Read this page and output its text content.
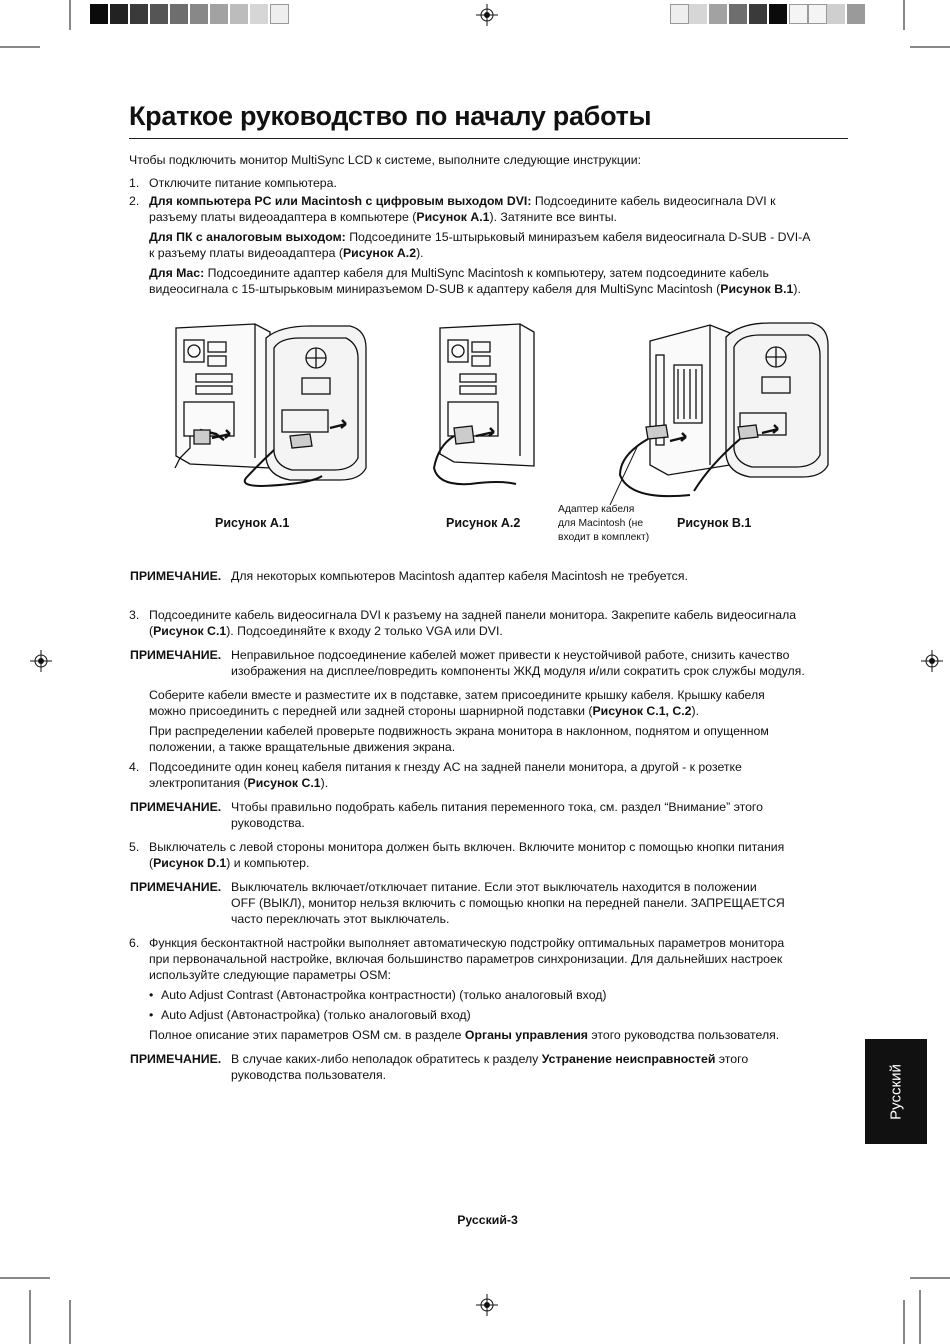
Краткое руководство по началу работы
Чтобы подключить монитор MultiSync LCD к системе, выполните следующие инструкции:
1. Отключите питание компьютера.
2. Для компьютера PC или Macintosh с цифровым выходом DVI: Подсоедините кабель видеосигнала DVI к
разъему платы видеоадаптера в компьютере (Рисунок A.1). Затяните все винты.
Для ПК с аналоговым выходом: Подсоедините 15-штырьковый миниразъем кабеля видеосигнала D-SUB - DVI-A
к разъему платы видеоадаптера (Рисунок A.2).
Для Mac: Подсоедините адаптер кабеля для MultiSync Macintosh к компьютеру, затем подсоедините кабель
видеосигнала с 15-штырьковым миниразъемом D-SUB к адаптеру кабеля для MultiSync Macintosh (Рисунок B.1).
Рисунок A.1	Рисунок A.2	Рисунок B.1
Адаптер кабеля
для Macintosh (не
входит в комплект)
ПРИМЕЧАНИЕ. Для некоторых компьютеров Macintosh адаптер кабеля Macintosh не требуется.
3. Подсоедините кабель видеосигнала DVI к разъему на задней панели монитора. Закрепите кабель видеосигнала
(Рисунок C.1). Подсоединяйте к входу 2 только VGA или DVI.
ПРИМЕЧАНИЕ. Неправильное подсоединение кабелей может привести к неустойчивой работе, снизить качество
изображения на дисплее/повредить компоненты ЖКД модуля и/или сократить срок службы модуля.
Соберите кабели вместе и разместите их в подставке, затем присоедините крышку кабеля. Крышку кабеля
можно присоединить с передней или задней стороны шарнирной подставки (Рисунок C.1, C.2).
При распределении кабелей проверьте подвижность экрана монитора в наклонном, поднятом и опущенном
положении, а также вращательные движения экрана.
4. Подсоедините один конец кабеля питания к гнезду AC на задней панели монитора, а другой - к розетке
электропитания (Рисунок C.1).
ПРИМЕЧАНИЕ. Чтобы правильно подобрать кабель питания переменного тока, см. раздел “Внимание” этого
руководства.
5. Выключатель с левой стороны монитора должен быть включен. Включите монитор с помощью кнопки питания
(Рисунок D.1) и компьютер.
ПРИМЕЧАНИЕ. Выключатель включает/отключает питание. Если этот выключатель находится в положении
OFF (ВЫКЛ), монитор нельзя включить с помощью кнопки на передней панели. ЗАПРЕЩАЕТСЯ
часто переключать этот выключатель.
6. Функция бесконтактной настройки выполняет автоматическую подстройку оптимальных параметров монитора
при первоначальной настройке, включая большинство параметров синхронизации. Для дальнейших настроек
используйте следующие параметры OSM:
• Auto Adjust Contrast (Автонастройка контрастности) (только аналоговый вход)
• Auto Adjust (Автонастройка) (только аналоговый вход)
Полное описание этих параметров OSM см. в разделе Органы управления этого руководства пользователя.
ПРИМЕЧАНИЕ. В случае каких-либо неполадок обратитесь к разделу Устранение неисправностей этого
руководства пользователя.	Русский
Русский-3
